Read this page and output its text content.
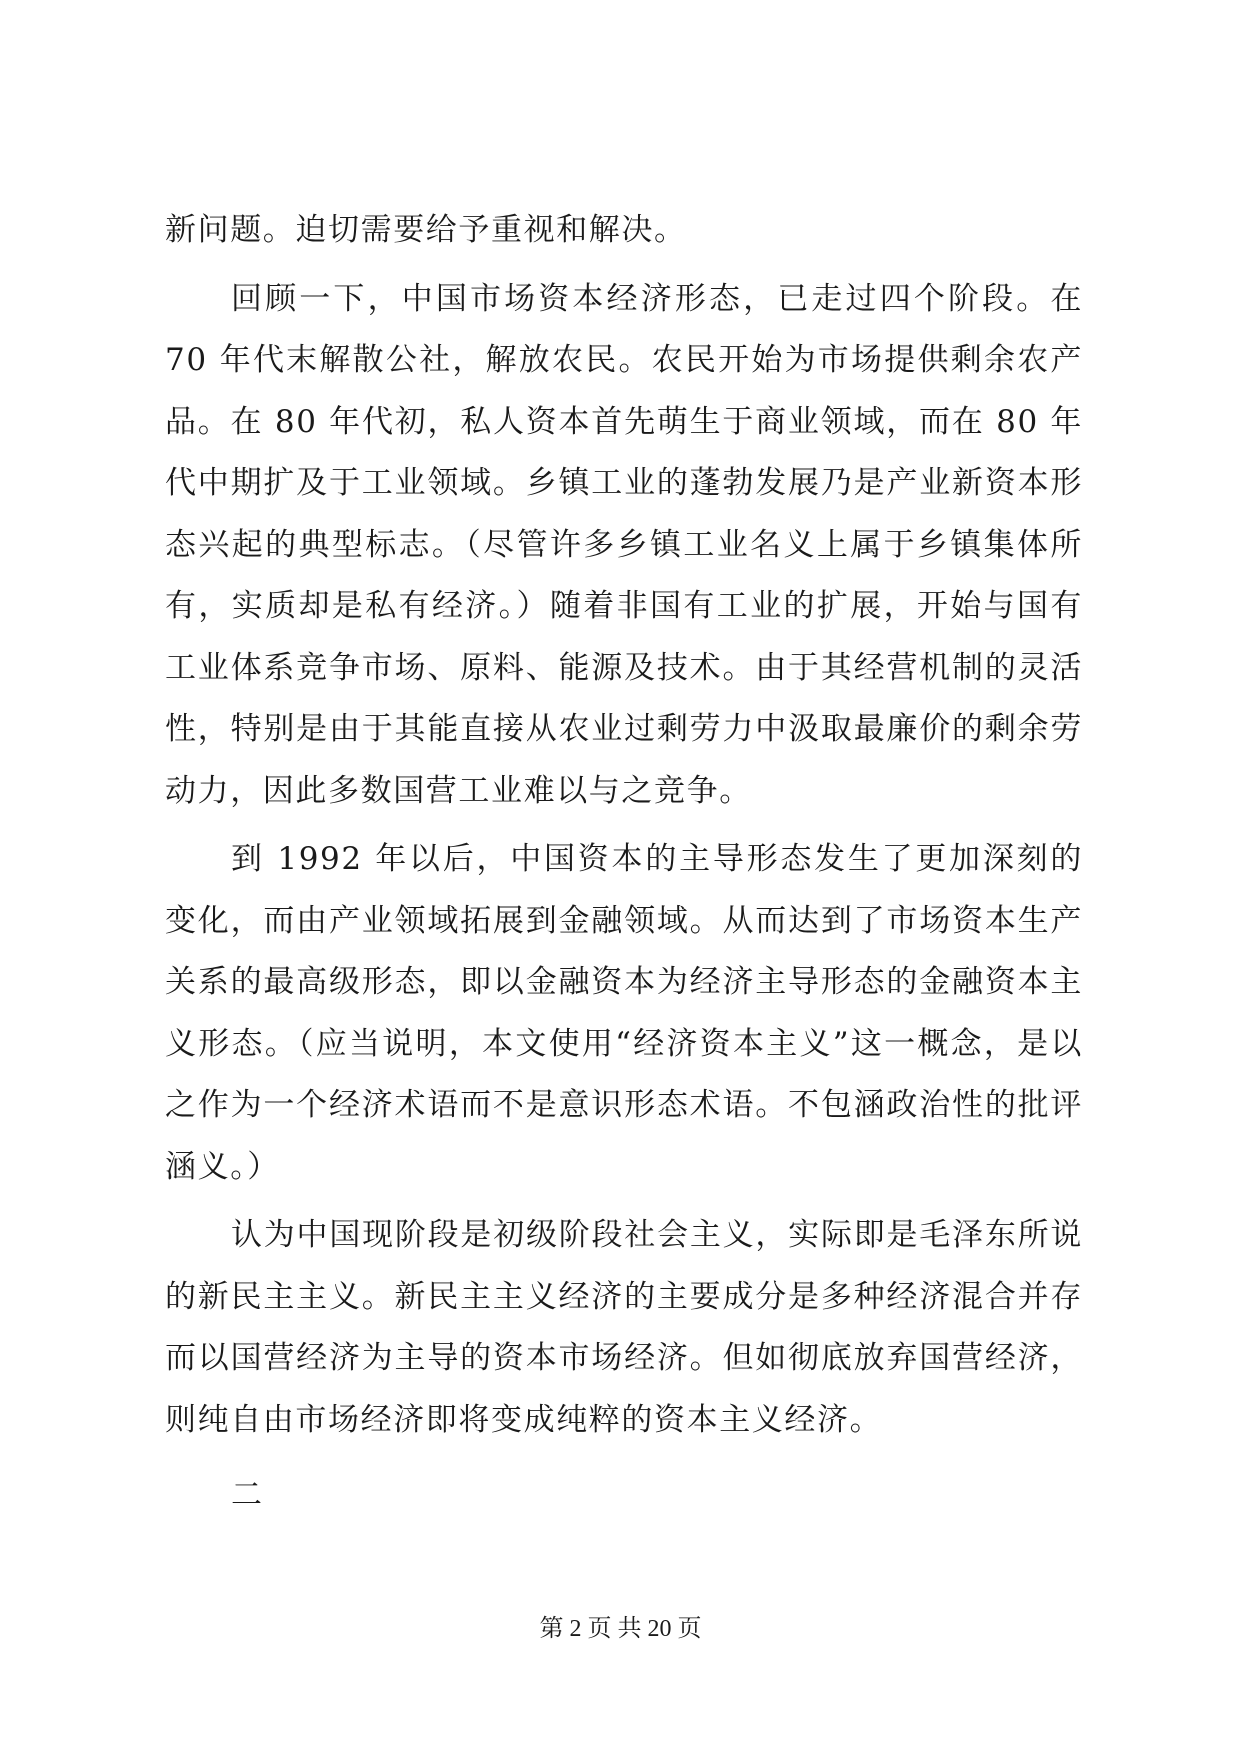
新问题。迫切需要给予重视和解决。

回顾一下，中国市场资本经济形态，已走过四个阶段。在 70 年代末解散公社，解放农民。农民开始为市场提供剩余农产品。在 80 年代初，私人资本首先萌生于商业领域，而在 80 年代中期扩及于工业领域。乡镇工业的蓬勃发展乃是产业新资本形态兴起的典型标志。（尽管许多乡镇工业名义上属于乡镇集体所有，实质却是私有经济。）随着非国有工业的扩展，开始与国有工业体系竞争市场、原料、能源及技术。由于其经营机制的灵活性，特别是由于其能直接从农业过剩劳力中汲取最廉价的剩余劳动力，因此多数国营工业难以与之竞争。

到 1992 年以后，中国资本的主导形态发生了更加深刻的变化，而由产业领域拓展到金融领域。从而达到了市场资本生产关系的最高级形态，即以金融资本为经济主导形态的金融资本主义形态。（应当说明，本文使用“经济资本主义”这一概念，是以之作为一个经济术语而不是意识形态术语。不包涵政治性的批评涵义。）

认为中国现阶段是初级阶段社会主义，实际即是毛泽东所说的新民主主义。新民主主义经济的主要成分是多种经济混合并存而以国营经济为主导的资本市场经济。但如彻底放弃国营经济，则纯自由市场经济即将变成纯粹的资本主义经济。

二

第 2 页 共 20 页
